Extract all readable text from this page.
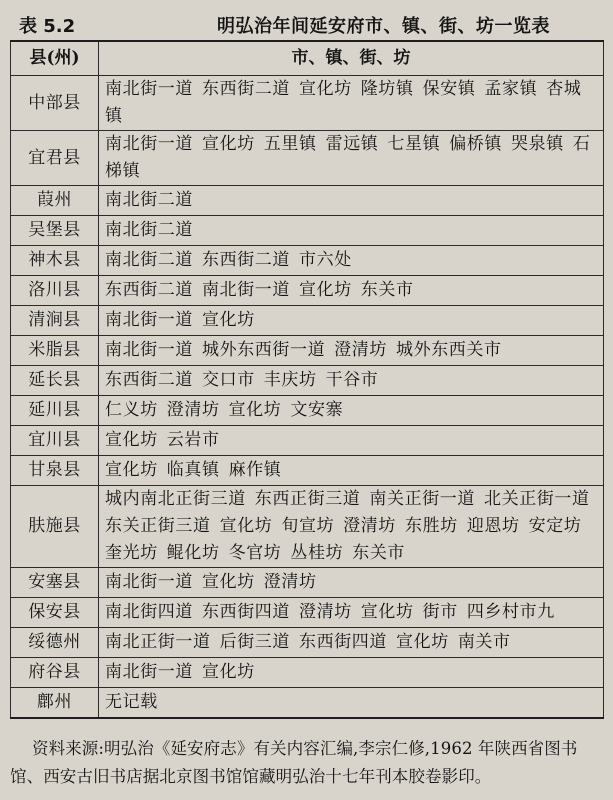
表 5.2	明弘治年间延安府市、镇、街、坊一览表
县(州)	市、镇、街、坊
中部县	南北街一道 东西街二道 宣化坊 隆坊镇 保安镇 孟家镇 杏城镇
宜君县	南北街一道 宣化坊 五里镇 雷远镇 七星镇 偏桥镇 哭泉镇 石梯镇
葭州	南北街二道
吴堡县	南北街二道
神木县	南北街二道 东西街二道 市六处
洛川县	东西街二道 南北街一道 宣化坊 东关市
清涧县	南北街一道 宣化坊
米脂县	南北街一道 城外东西街一道 澄清坊 城外东西关市
延长县	东西街二道 交口市 丰庆坊 干谷市
延川县	仁义坊 澄清坊 宣化坊 文安寨
宜川县	宣化坊 云岩市
甘泉县	宣化坊 临真镇 麻作镇
肤施县	城内南北正街三道 东西正街三道 南关正街一道 北关正街一道 东关正街三道 宣化坊 旬宣坊 澄清坊 东胜坊 迎恩坊 安定坊 奎光坊 鲲化坊 冬官坊 丛桂坊 东关市
安塞县	南北街一道 宣化坊 澄清坊
保安县	南北街四道 东西街四道 澄清坊 宣化坊 街市 四乡村市九
绥德州	南北正街一道 后街三道 东西街四道 宣化坊 南关市
府谷县	南北街一道 宣化坊
鄜州	无记载
资料来源:明弘治《延安府志》有关内容汇编,李宗仁修,1962 年陕西省图书馆、西安古旧书店据北京图书馆馆藏明弘治十七年刊本胶卷影印。
